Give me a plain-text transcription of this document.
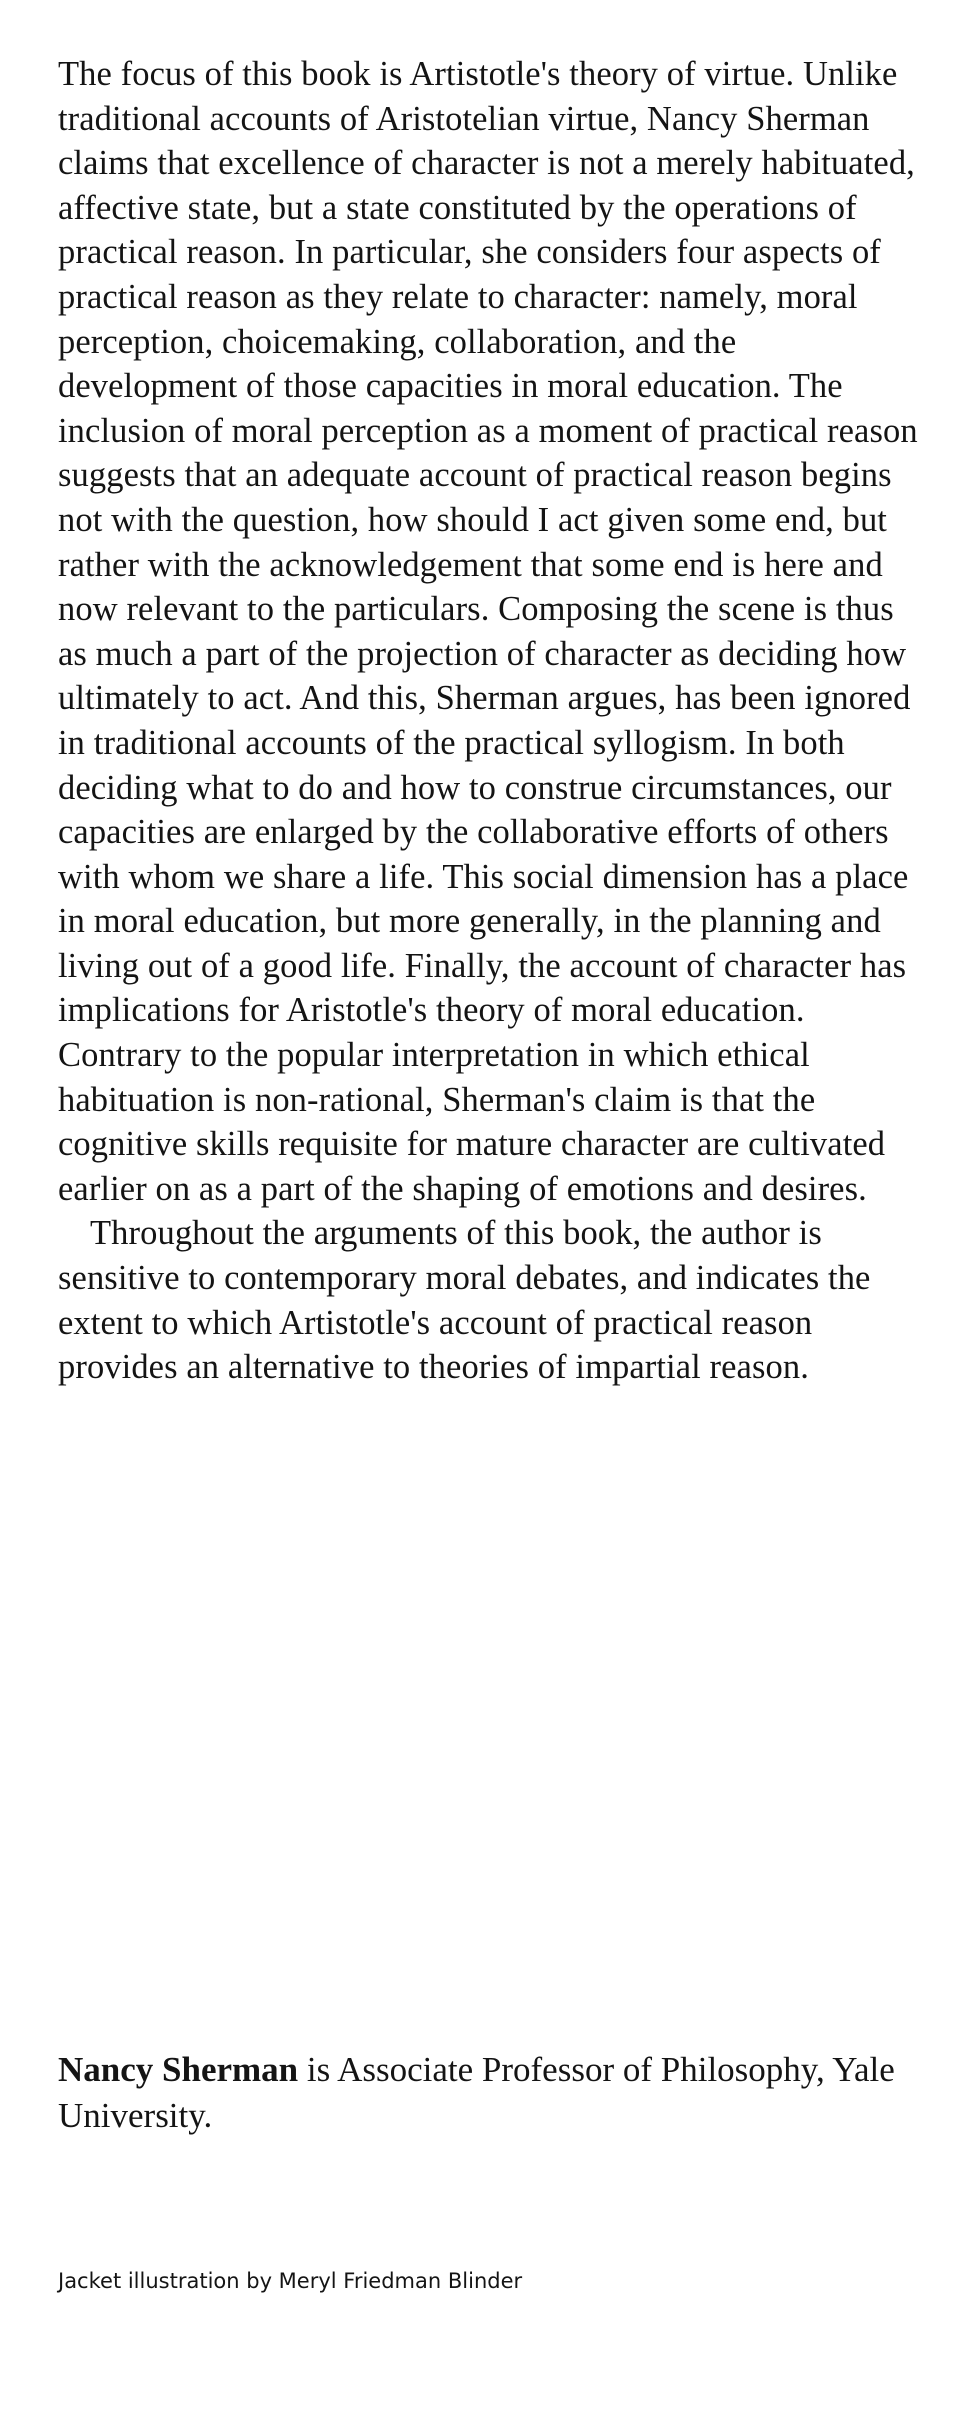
The focus of this book is Artistotle's theory of virtue. Unlike traditional accounts of Aristotelian virtue, Nancy Sherman claims that excellence of character is not a merely habituated, affective state, but a state constituted by the operations of practical reason. In particular, she considers four aspects of practical reason as they relate to character: namely, moral perception, choicemaking, collaboration, and the development of those capacities in moral education. The inclusion of moral perception as a moment of practical reason suggests that an adequate account of practical reason begins not with the question, how should I act given some end, but rather with the acknowledgement that some end is here and now relevant to the particulars. Composing the scene is thus as much a part of the projection of character as deciding how ultimately to act. And this, Sherman argues, has been ignored in traditional accounts of the practical syllogism. In both deciding what to do and how to construe circumstances, our capacities are enlarged by the collaborative efforts of others with whom we share a life. This social dimension has a place in moral education, but more generally, in the planning and living out of a good life. Finally, the account of character has implications for Aristotle's theory of moral education. Contrary to the popular interpretation in which ethical habituation is non-rational, Sherman's claim is that the cognitive skills requisite for mature character are cultivated earlier on as a part of the shaping of emotions and desires.

Throughout the arguments of this book, the author is sensitive to contemporary moral debates, and indicates the extent to which Artistotle's account of practical reason provides an alternative to theories of impartial reason.

Nancy Sherman is Associate Professor of Philosophy, Yale University.

Jacket illustration by Meryl Friedman Blinder
